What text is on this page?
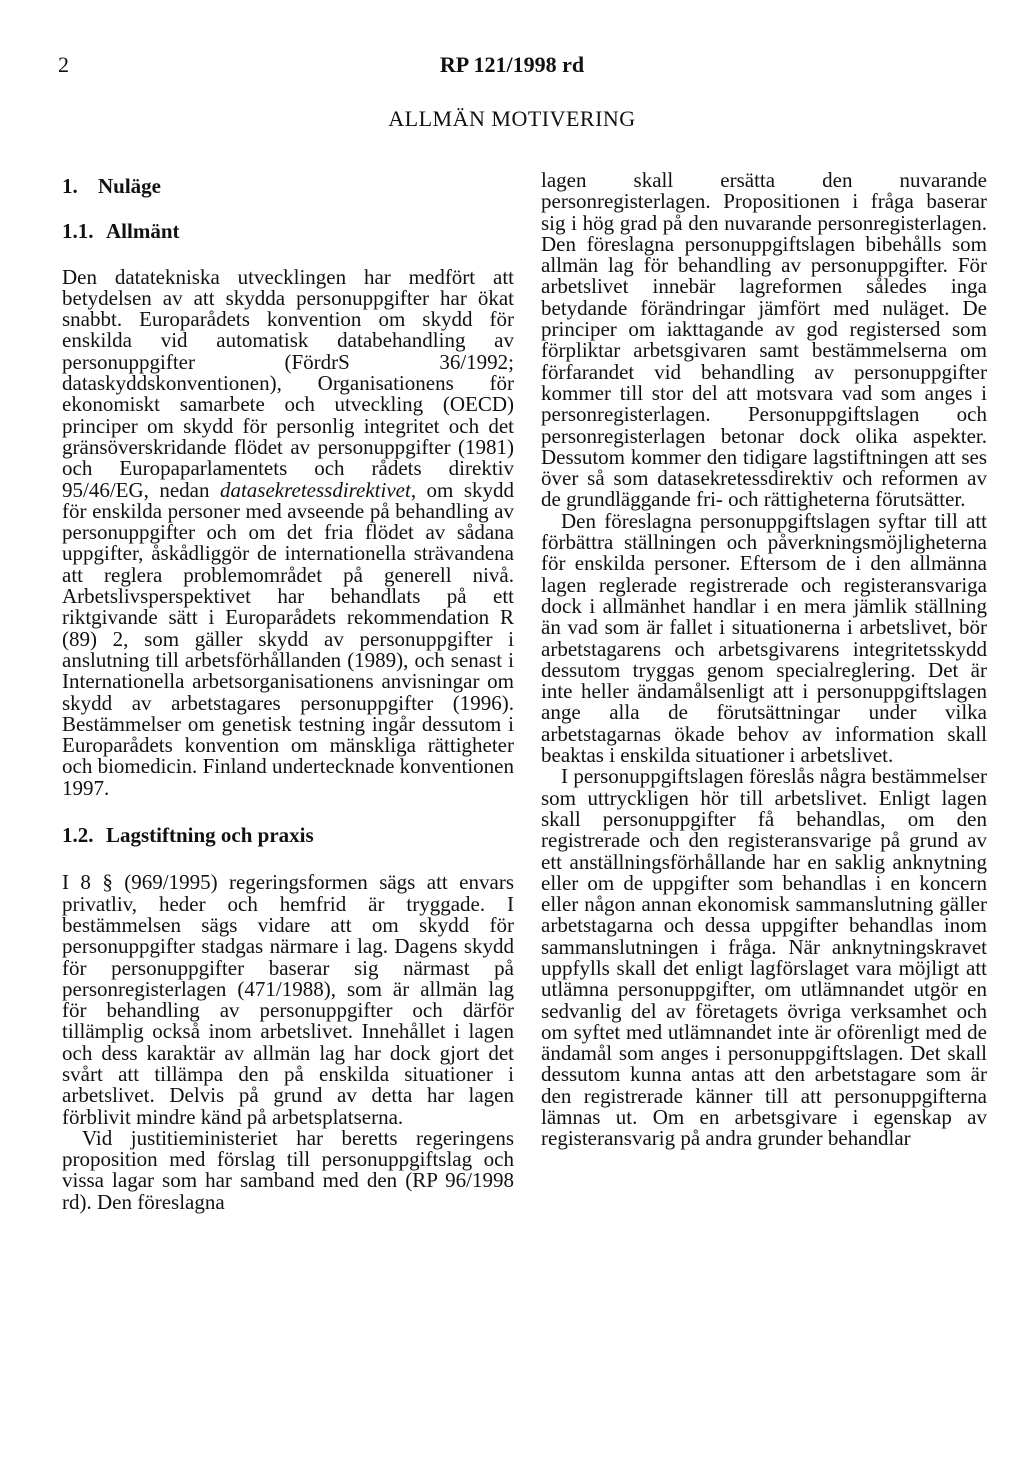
2	RP 121/1998 rd
ALLMÄN MOTIVERING
1. Nuläge
1.1. Allmänt

Den datatekniska utvecklingen har medfört att betydelsen av att skydda personuppgifter har ökat snabbt. Europarådets konvention om skydd för enskilda vid automatisk databehandling av personuppgifter (FördrS 36/1992; dataskyddskonventionen), Organisationens för ekonomiskt samarbete och utveckling (OECD) principer om skydd för personlig integritet och det gränsöverskridande flödet av personuppgifter (1981) och Europaparlamentets och rådets direktiv 95/46/EG, nedan datasekretessdirektivet, om skydd för enskilda personer med avseende på behandling av personuppgifter och om det fria flödet av sådana uppgifter, åskådliggör de internationella strävandena att reglera problemområdet på generell nivå. Arbetslivsperspektivet har behandlats på ett riktgivande sätt i Europarådets rekommendation R (89) 2, som gäller skydd av personuppgifter i anslutning till arbetsförhållanden (1989), och senast i Internationella arbetsorganisationens anvisningar om skydd av arbetstagares personuppgifter (1996). Bestämmelser om genetisk testning ingår dessutom i Europarådets konvention om mänskliga rättigheter och biomedicin. Finland undertecknade konventionen 1997.

1.2. Lagstiftning och praxis

I 8 § (969/1995) regeringsformen sägs att envars privatliv, heder och hemfrid är tryggade. I bestämmelsen sägs vidare att om skydd för personuppgifter stadgas närmare i lag. Dagens skydd för personuppgifter baserar sig närmast på personregisterlagen (471/1988), som är allmän lag för behandling av personuppgifter och därför tillämplig också inom arbetslivet. Innehållet i lagen och dess karaktär av allmän lag har dock gjort det svårt att tillämpa den på enskilda situationer i arbetslivet. Delvis på grund av detta har lagen förblivit mindre känd på arbetsplatserna.

Vid justitieministeriet har beretts regeringens proposition med förslag till personuppgiftslag och vissa lagar som har samband med den (RP 96/1998 rd). Den föreslagna

lagen skall ersätta den nuvarande personregisterlagen. Propositionen i fråga baserar sig i hög grad på den nuvarande personregisterlagen. Den föreslagna personuppgiftslagen bibehålls som allmän lag för behandling av personuppgifter. För arbetslivet innebär lagreformen således inga betydande förändringar jämfört med nuläget. De principer om iakttagande av god registersed som förpliktar arbetsgivaren samt bestämmelserna om förfarandet vid behandling av personuppgifter kommer till stor del att motsvara vad som anges i personregisterlagen. Personuppgiftslagen och personregisterlagen betonar dock olika aspekter. Dessutom kommer den tidigare lagstiftningen att ses över så som datasekretessdirektiv och reformen av de grundläggande fri- och rättigheterna förutsätter.

Den föreslagna personuppgiftslagen syftar till att förbättra ställningen och påverkningsmöjligheterna för enskilda personer. Eftersom de i den allmänna lagen reglerade registrerade och registeransvariga dock i allmänhet handlar i en mera jämlik ställning än vad som är fallet i situationerna i arbetslivet, bör arbetstagarens och arbetsgivarens integritetsskydd dessutom tryggas genom specialreglering. Det är inte heller ändamålsenligt att i personuppgiftslagen ange alla de förutsättningar under vilka arbetstagarnas ökade behov av information skall beaktas i enskilda situationer i arbetslivet.

I personuppgiftslagen föreslås några bestämmelser som uttryckligen hör till arbetslivet. Enligt lagen skall personuppgifter få behandlas, om den registrerade och den registeransvarige på grund av ett anställningsförhållande har en saklig anknytning eller om de uppgifter som behandlas i en koncern eller någon annan ekonomisk sammanslutning gäller arbetstagarna och dessa uppgifter behandlas inom sammanslutningen i fråga. När anknytningskravet uppfylls skall det enligt lagförslaget vara möjligt att utlämna personuppgifter, om utlämnandet utgör en sedvanlig del av företagets övriga verksamhet och om syftet med utlämnandet inte är oförenligt med de ändamål som anges i personuppgiftslagen. Det skall dessutom kunna antas att den arbetstagare som är den registrerade känner till att personuppgifterna lämnas ut. Om en arbetsgivare i egenskap av registeransvarig på andra grunder behandlar
